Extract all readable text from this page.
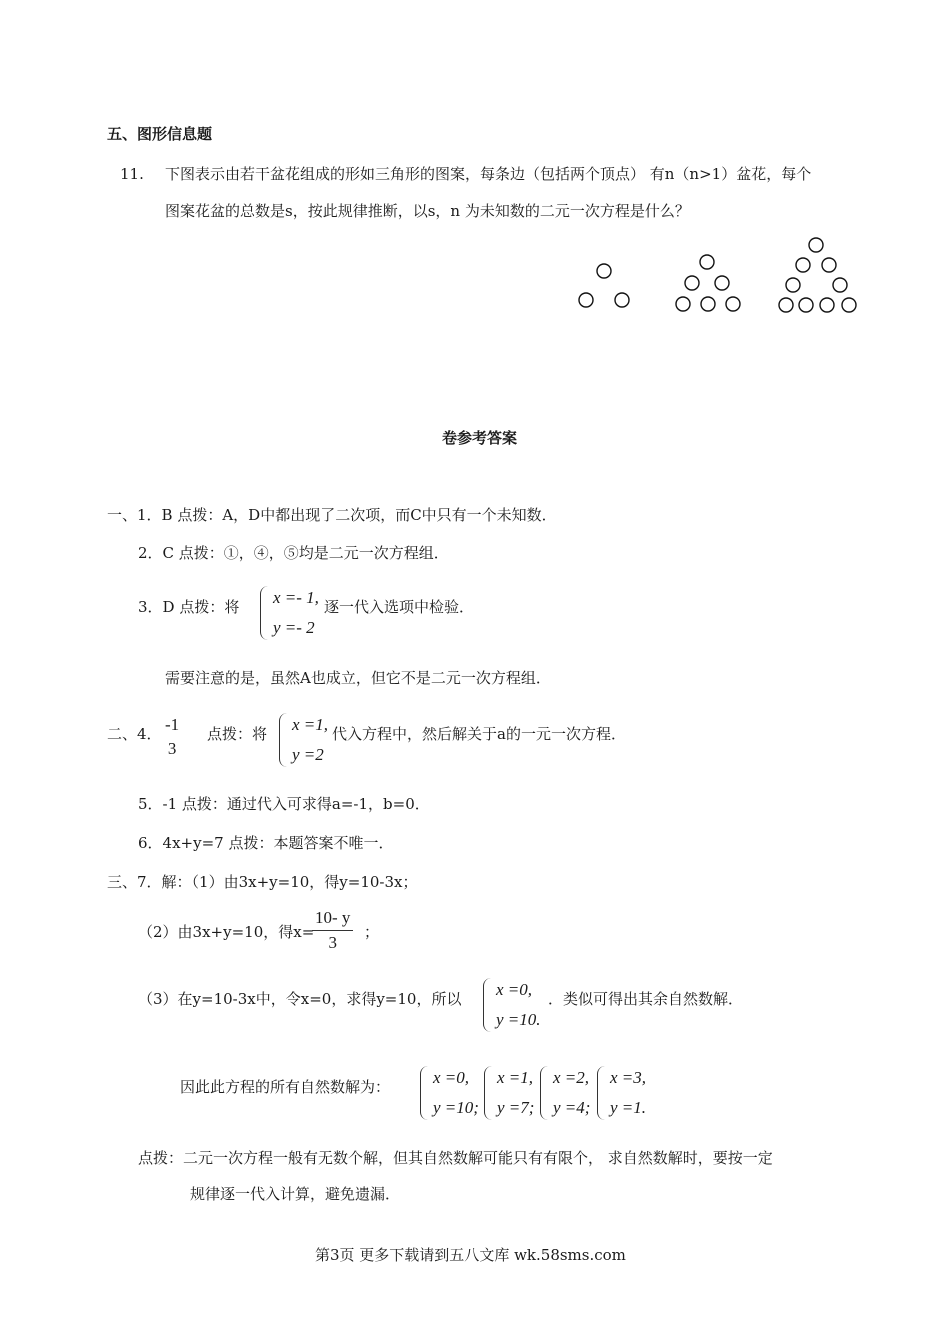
五、图形信息题
11. 下图表示由若干盆花组成的形如三角形的图案，每条边（包括两个顶点） 有n（n>1）盆花，每个
图案花盆的总数是s，按此规律推断，以s，n 为未知数的二元一次方程是什么？
卷参考答案
一、1．B 点拨：A，D中都出现了二次项，而C中只有一个未知数．
2．C 点拨：①，④，⑤均是二元一次方程组．
3．D 点拨：将 x =- 1,
y =- 2
逐一代入选项中检验．
需要注意的是，虽然A也成立，但它不是二元一次方程组．
二、4． -1
3
点拨：将 x =1,
y =2
代入方程中，然后解关于a的一元一次方程．
5．-1 点拨：通过代入可求得a=-1，b=0．
6．4x+y=7 点拨：本题答案不唯一．
三、7．解：（1）由3x+y=10，得y=10-3x；
（2）由3x+y=10，得x=
$\frac{10- y}{3}$ ；
（3）在y=10-3x中，令x=0，求得y=10，所以 x =0,
y =10.
．类似可得出其余自然数解．
因此此方程的所有自然数解为：	x =0,
y =10;
x =1,
y =7;
x =2,
y =4;
x =3,
y =1.
点拨：二元一次方程一般有无数个解，但其自然数解可能只有有限个， 求自然数解时，要按一定
规律逐一代入计算，避免遗漏．
第3页 更多下载请到五八文库 wk.58sms.com
